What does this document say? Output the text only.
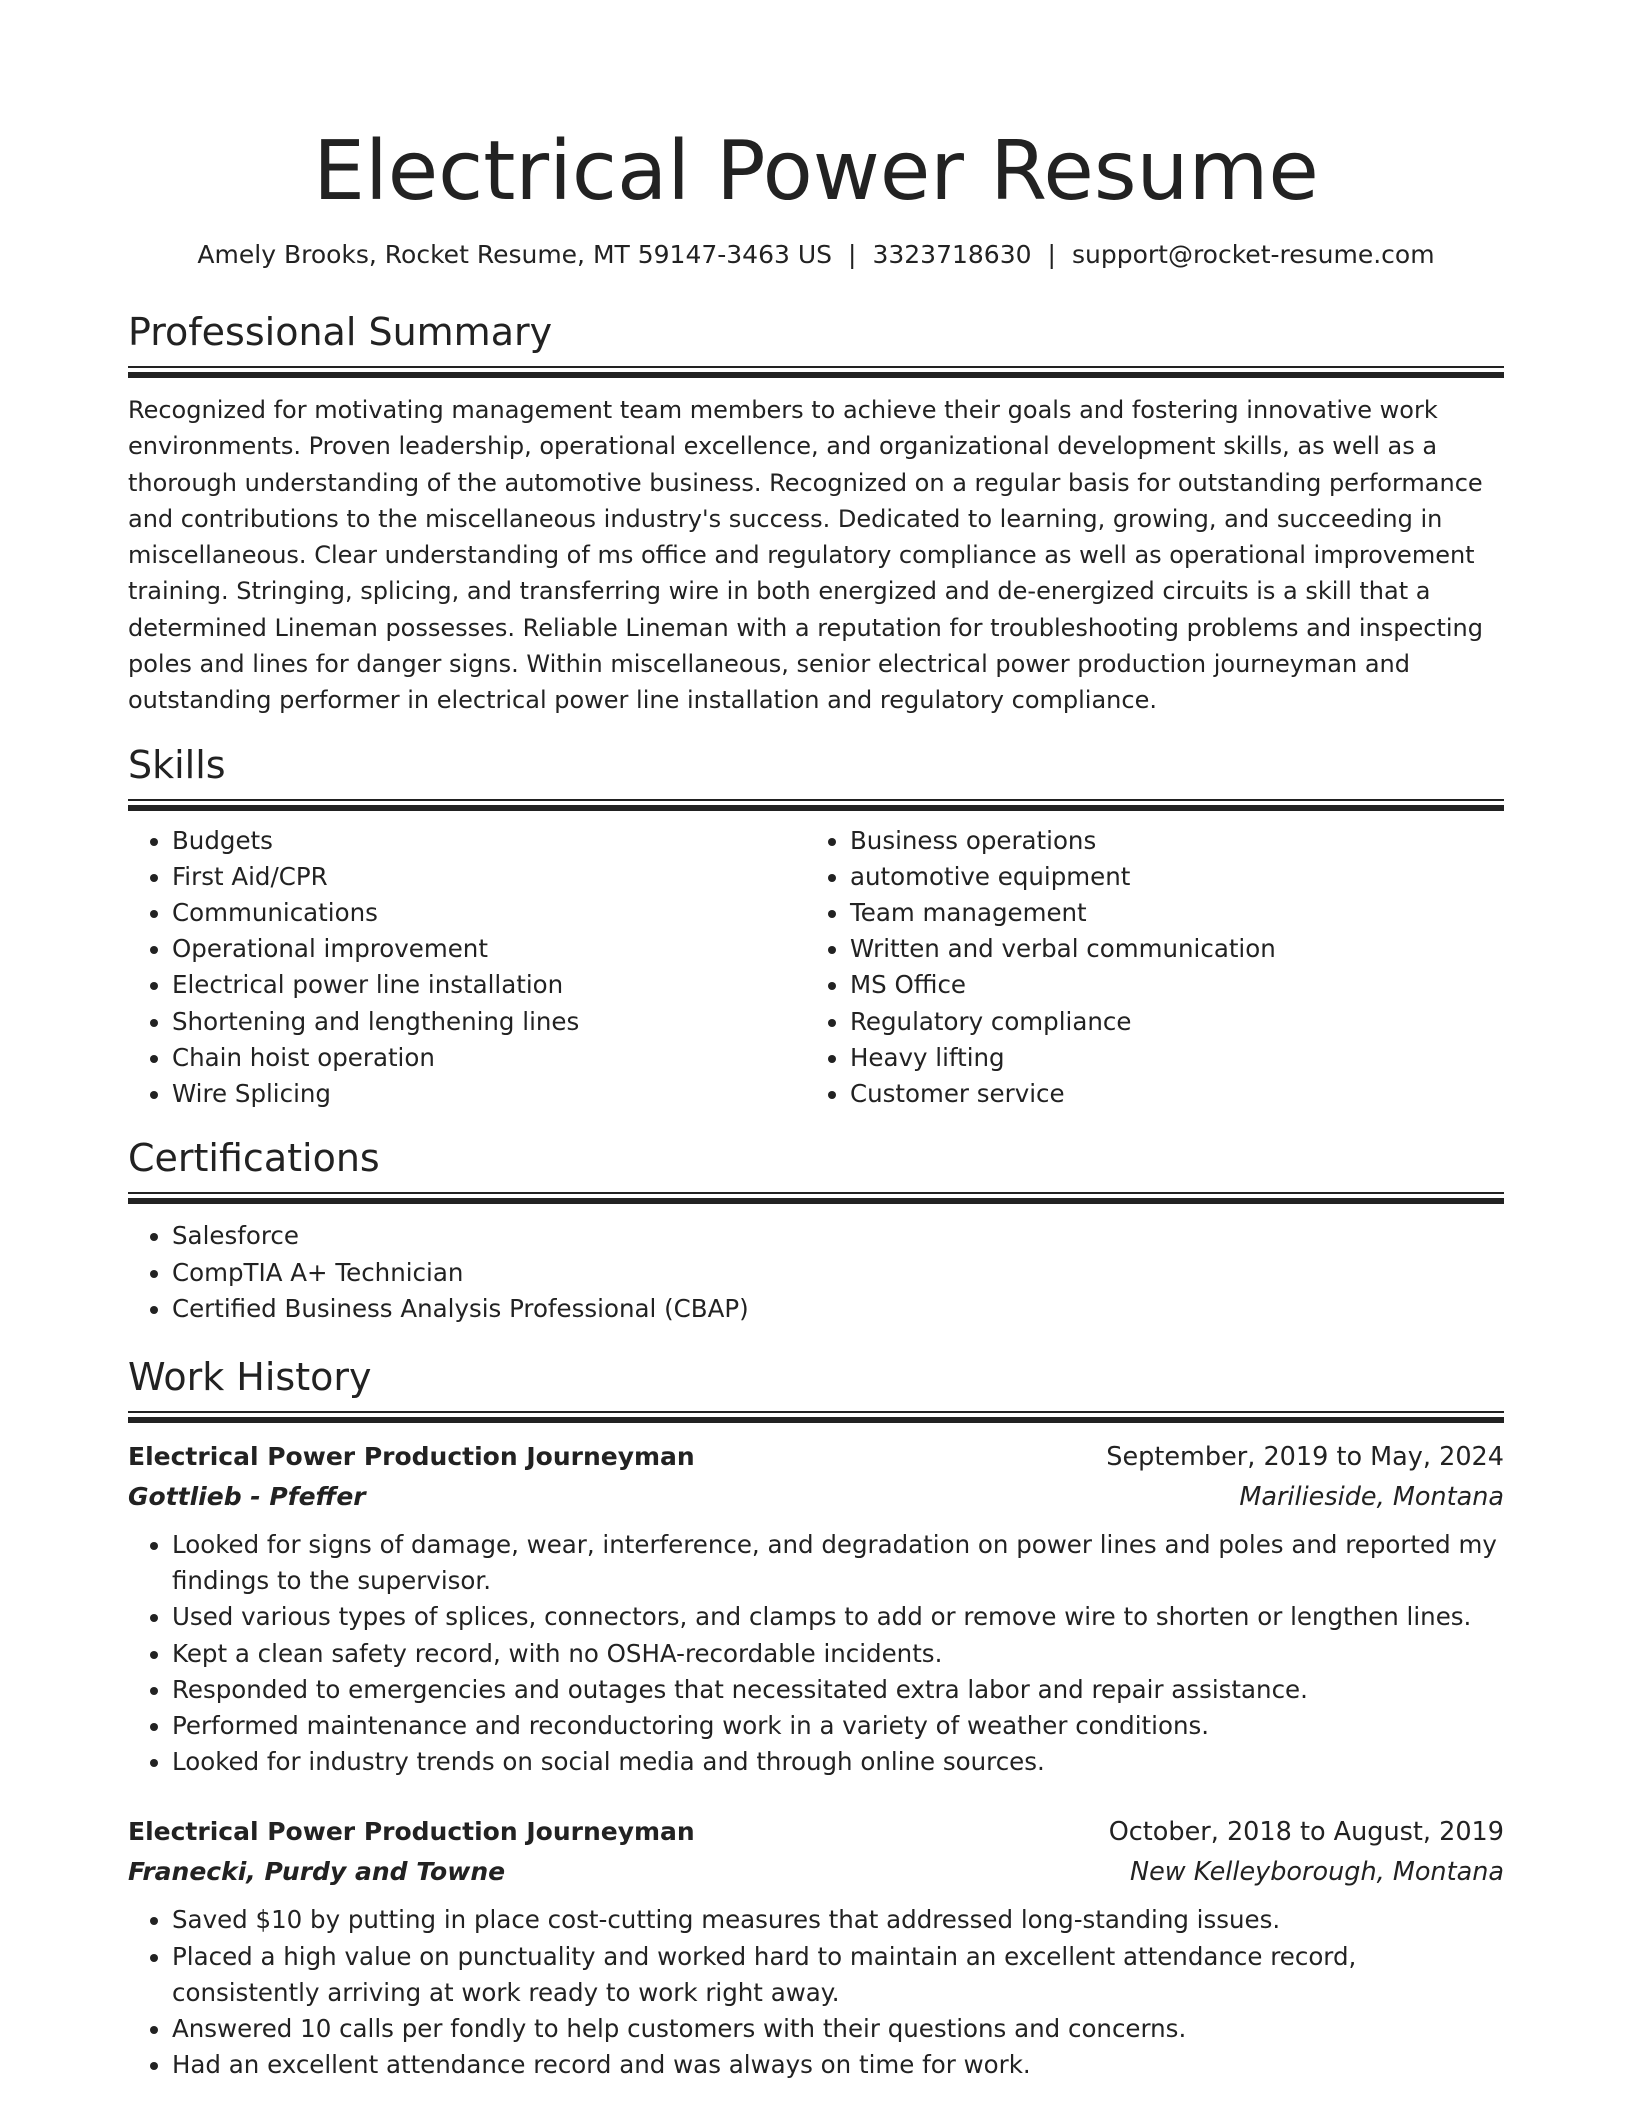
Electrical Power Resume
Amely Brooks, Rocket Resume, MT 59147-3463 US | 3323718630 | support@rocket-resume.com
Professional Summary

Recognized for motivating management team members to achieve their goals and fostering innovative work environments. Proven leadership, operational excellence, and organizational development skills, as well as a thorough understanding of the automotive business. Recognized on a regular basis for outstanding performance and contributions to the miscellaneous industry's success. Dedicated to learning, growing, and succeeding in miscellaneous. Clear understanding of ms office and regulatory compliance as well as operational improvement training. Stringing, splicing, and transferring wire in both energized and de-energized circuits is a skill that a determined Lineman possesses. Reliable Lineman with a reputation for troubleshooting problems and inspecting poles and lines for danger signs. Within miscellaneous, senior electrical power production journeyman and outstanding performer in electrical power line installation and regulatory compliance.

Skills
• Budgets
• First Aid/CPR
• Communications
• Operational improvement
• Electrical power line installation
• Shortening and lengthening lines
• Chain hoist operation
• Wire Splicing
• Business operations
• automotive equipment
• Team management
• Written and verbal communication
• MS Office
• Regulatory compliance
• Heavy lifting
• Customer service
Certifications
• Salesforce
• CompTIA A+ Technician
• Certified Business Analysis Professional (CBAP)
Work History
Electrical Power Production Journeyman	September, 2019 to May, 2024
Gottlieb - Pfeffer	Marilieside, Montana
• Looked for signs of damage, wear, interference, and degradation on power lines and poles and reported my findings to the supervisor.
• Used various types of splices, connectors, and clamps to add or remove wire to shorten or lengthen lines.
• Kept a clean safety record, with no OSHA-recordable incidents.
• Responded to emergencies and outages that necessitated extra labor and repair assistance.
• Performed maintenance and reconductoring work in a variety of weather conditions.
• Looked for industry trends on social media and through online sources.
Electrical Power Production Journeyman	October, 2018 to August, 2019
Franecki, Purdy and Towne	New Kelleyborough, Montana
• Saved $10 by putting in place cost-cutting measures that addressed long-standing issues.
• Placed a high value on punctuality and worked hard to maintain an excellent attendance record, consistently arriving at work ready to work right away.
• Answered 10 calls per fondly to help customers with their questions and concerns.
• Had an excellent attendance record and was always on time for work.
